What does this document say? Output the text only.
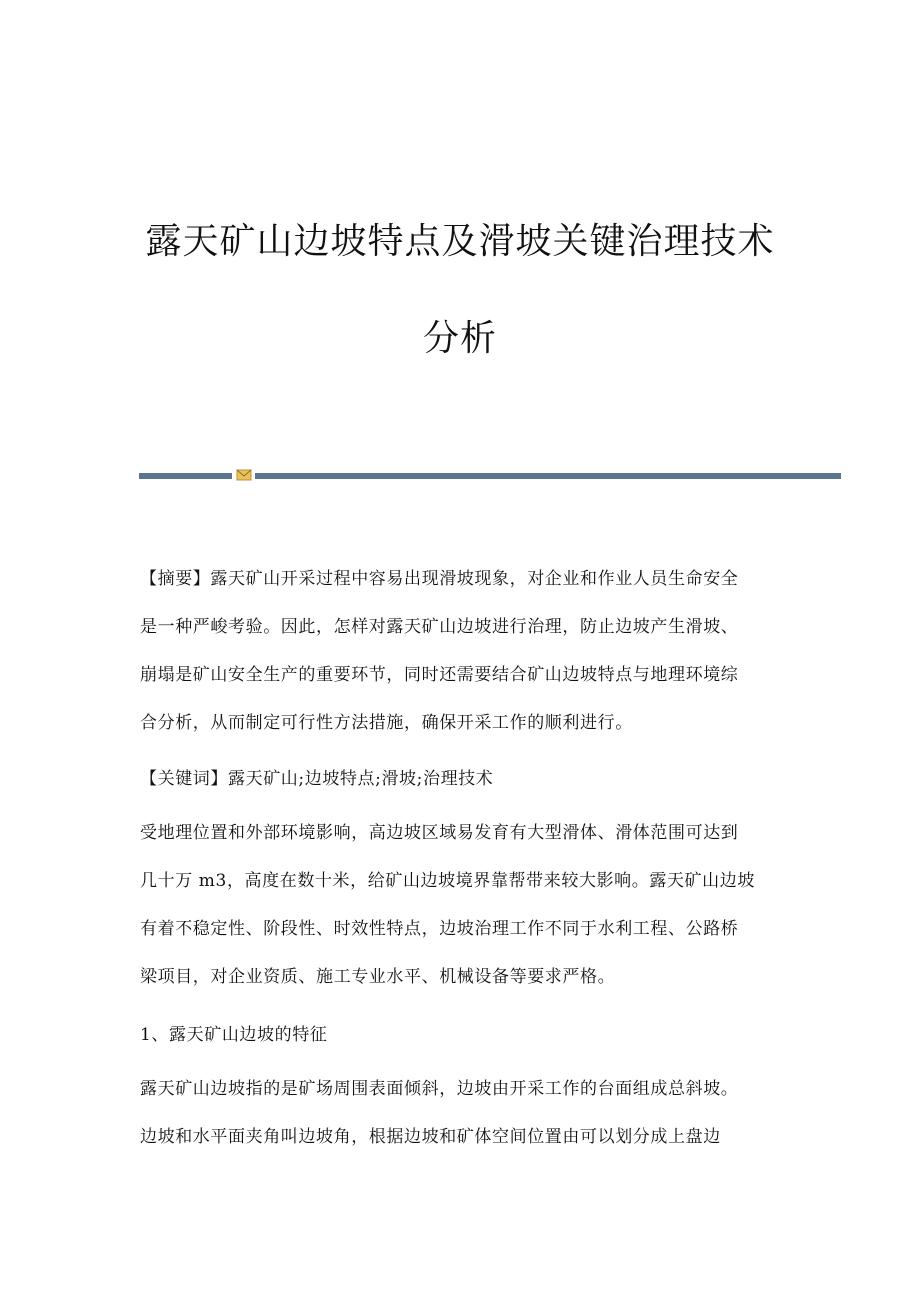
露天矿山边坡特点及滑坡关键治理技术
分析

【摘要】露天矿山开采过程中容易出现滑坡现象，对企业和作业人员生命安全
是一种严峻考验。因此，怎样对露天矿山边坡进行治理，防止边坡产生滑坡、
崩塌是矿山安全生产的重要环节，同时还需要结合矿山边坡特点与地理环境综
合分析，从而制定可行性方法措施，确保开采工作的顺利进行。

【关键词】露天矿山;边坡特点;滑坡;治理技术

受地理位置和外部环境影响，高边坡区域易发育有大型滑体、滑体范围可达到
几十万 m3，高度在数十米，给矿山边坡境界靠帮带来较大影响。露天矿山边坡
有着不稳定性、阶段性、时效性特点，边坡治理工作不同于水利工程、公路桥
梁项目，对企业资质、施工专业水平、机械设备等要求严格。

1、露天矿山边坡的特征

露天矿山边坡指的是矿场周围表面倾斜，边坡由开采工作的台面组成总斜坡。
边坡和水平面夹角叫边坡角，根据边坡和矿体空间位置由可以划分成上盘边
